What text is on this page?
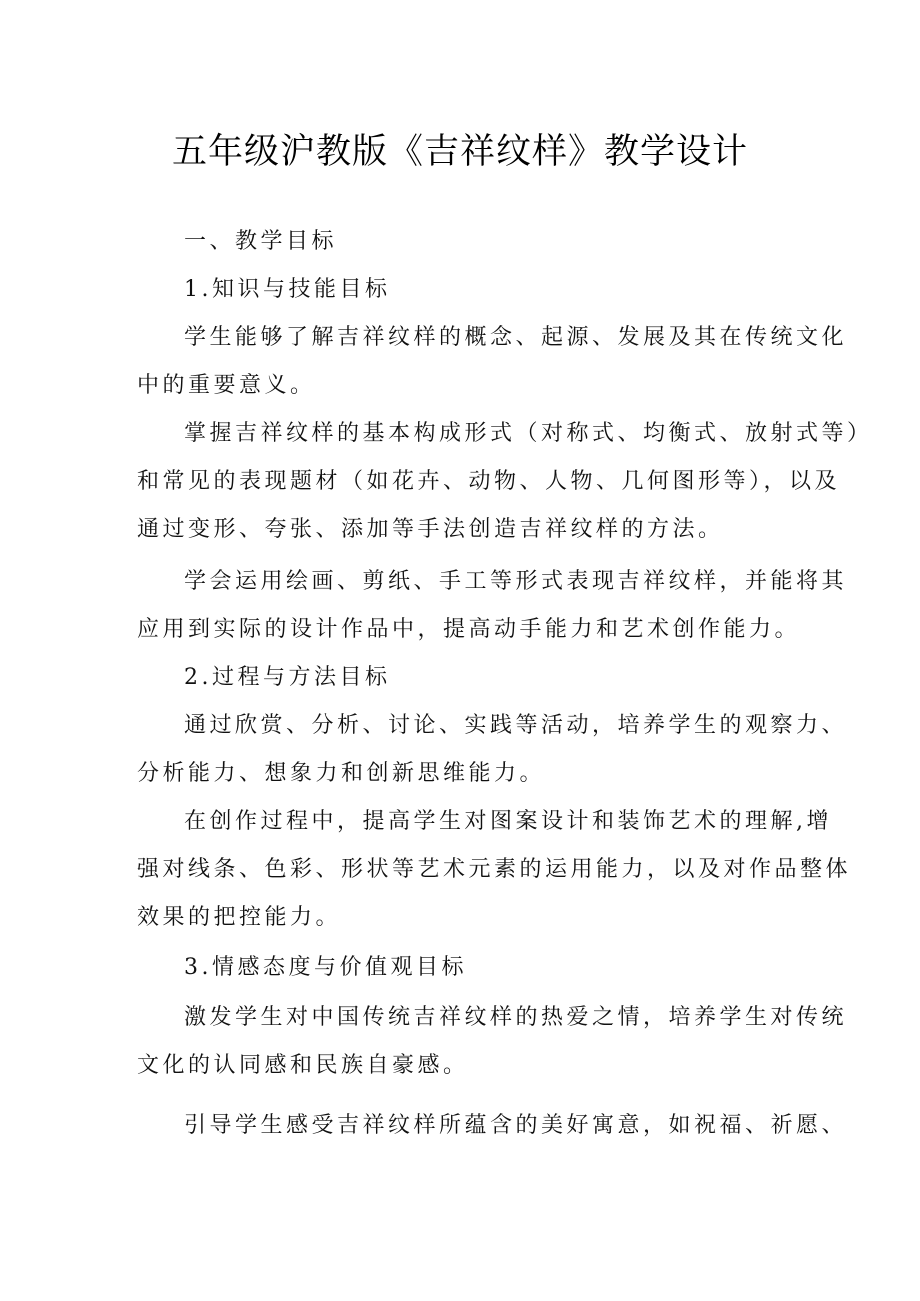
五年级沪教版《吉祥纹样》教学设计
一、教学目标
1.知识与技能目标
学生能够了解吉祥纹样的概念、起源、发展及其在传统文化
中的重要意义。
掌握吉祥纹样的基本构成形式（对称式、均衡式、放射式等）
和常见的表现题材（如花卉、动物、人物、几何图形等），以及
通过变形、夸张、添加等手法创造吉祥纹样的方法。
学会运用绘画、剪纸、手工等形式表现吉祥纹样，并能将其
应用到实际的设计作品中，提高动手能力和艺术创作能力。
2.过程与方法目标
通过欣赏、分析、讨论、实践等活动，培养学生的观察力、
分析能力、想象力和创新思维能力。
在创作过程中，提高学生对图案设计和装饰艺术的理解,增
强对线条、色彩、形状等艺术元素的运用能力，以及对作品整体
效果的把控能力。
3.情感态度与价值观目标
激发学生对中国传统吉祥纹样的热爱之情，培养学生对传统
文化的认同感和民族自豪感。
引导学生感受吉祥纹样所蕴含的美好寓意，如祝福、祈愿、
